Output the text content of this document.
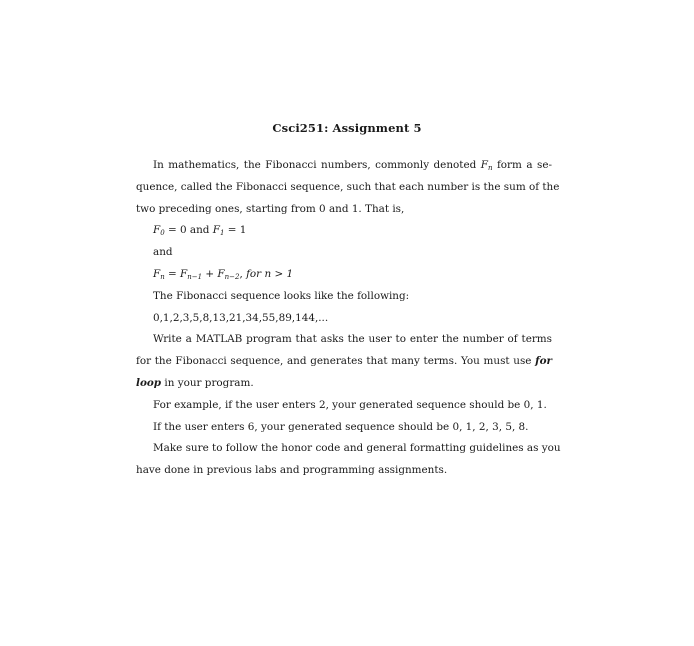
Csci251: Assignment 5
In mathematics, the Fibonacci numbers, commonly denoted Fn form a se-
quence, called the Fibonacci sequence, such that each number is the sum of the
two preceding ones, starting from 0 and 1. That is,
F0 = 0 and F1 = 1
and
Fn = Fn−1 + Fn−2, for n > 1
The Fibonacci sequence looks like the following:
0,1,2,3,5,8,13,21,34,55,89,144,...
Write a MATLAB program that asks the user to enter the number of terms
for the Fibonacci sequence, and generates that many terms. You must use for
loop in your program.
For example, if the user enters 2, your generated sequence should be 0, 1.
If the user enters 6, your generated sequence should be 0, 1, 2, 3, 5, 8.
Make sure to follow the honor code and general formatting guidelines as you
have done in previous labs and programming assignments.
